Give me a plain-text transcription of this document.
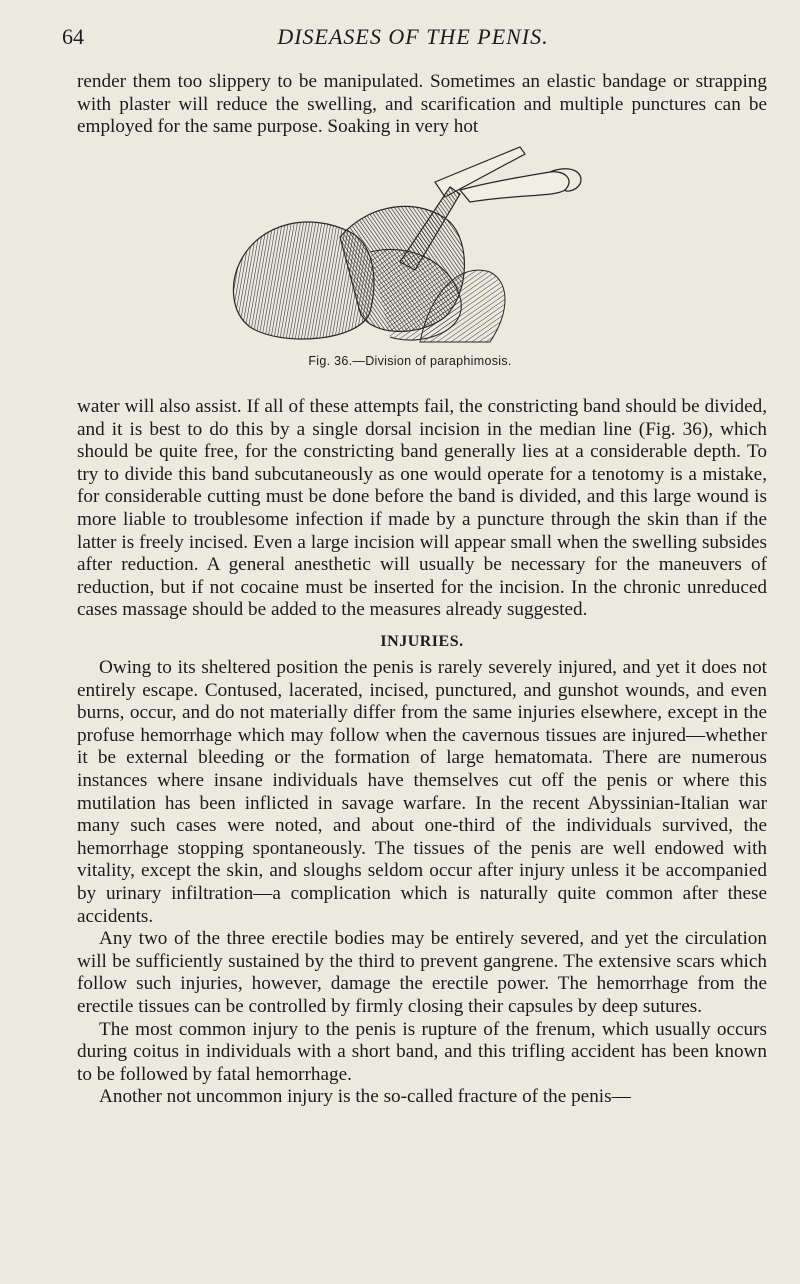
64	DISEASES OF THE PENIS.

render them too slippery to be manipulated. Sometimes an elastic bandage or strapping with plaster will reduce the swelling, and scarification and multiple punctures can be employed for the same purpose. Soaking in very hot

Fig. 36.—Division of paraphimosis.

water will also assist. If all of these attempts fail, the constricting band should be divided, and it is best to do this by a single dorsal incision in the median line (Fig. 36), which should be quite free, for the constricting band generally lies at a considerable depth. To try to divide this band subcutaneously as one would operate for a tenotomy is a mistake, for considerable cutting must be done before the band is divided, and this large wound is more liable to troublesome infection if made by a puncture through the skin than if the latter is freely incised. Even a large incision will appear small when the swelling subsides after reduction. A general anesthetic will usually be necessary for the maneuvers of reduction, but if not cocaine must be inserted for the incision. In the chronic unreduced cases massage should be added to the measures already suggested.

INJURIES.

Owing to its sheltered position the penis is rarely severely injured, and yet it does not entirely escape. Contused, lacerated, incised, punctured, and gunshot wounds, and even burns, occur, and do not materially differ from the same injuries elsewhere, except in the profuse hemorrhage which may follow when the cavernous tissues are injured—whether it be external bleeding or the formation of large hematomata. There are numerous instances where insane individuals have themselves cut off the penis or where this mutilation has been inflicted in savage warfare. In the recent Abyssinian-Italian war many such cases were noted, and about one-third of the individuals survived, the hemorrhage stopping spontaneously. The tissues of the penis are well endowed with vitality, except the skin, and sloughs seldom occur after injury unless it be accompanied by urinary infiltration—a complication which is naturally quite common after these accidents.

Any two of the three erectile bodies may be entirely severed, and yet the circulation will be sufficiently sustained by the third to prevent gangrene. The extensive scars which follow such injuries, however, damage the erectile power. The hemorrhage from the erectile tissues can be controlled by firmly closing their capsules by deep sutures.

The most common injury to the penis is rupture of the frenum, which usually occurs during coitus in individuals with a short band, and this trifling accident has been known to be followed by fatal hemorrhage.

Another not uncommon injury is the so-called fracture of the penis—
